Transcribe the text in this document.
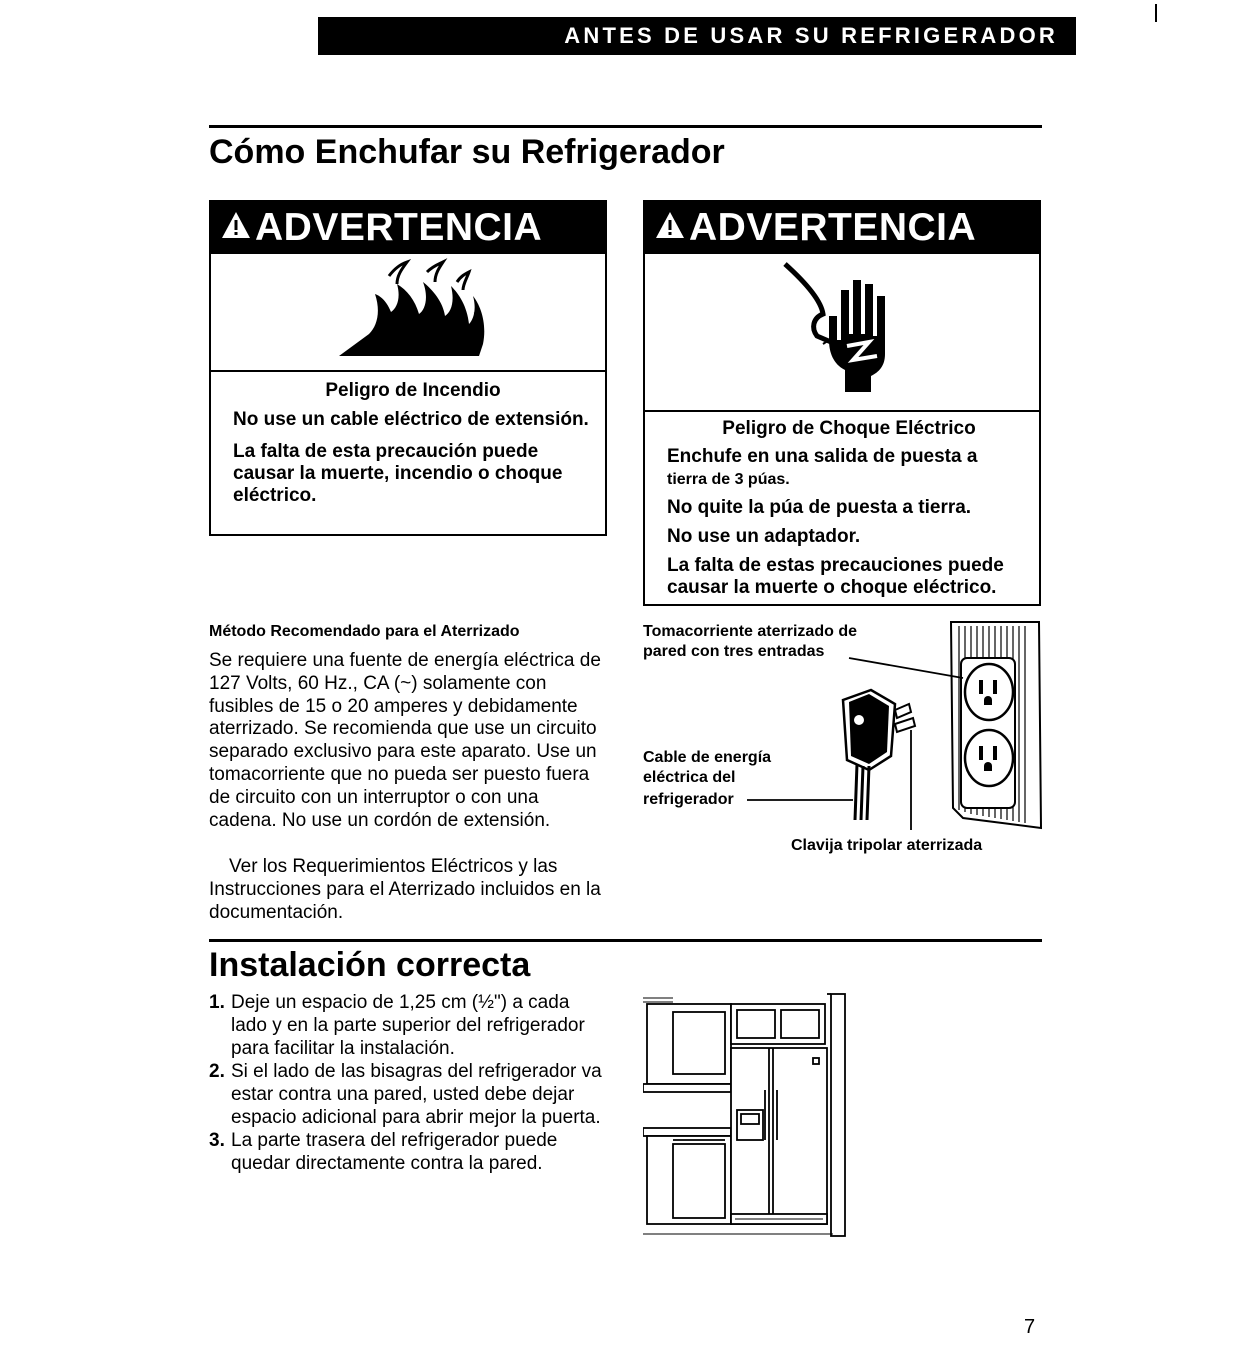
ANTES DE USAR SU REFRIGERADOR
Cómo Enchufar su Refrigerador
ADVERTENCIA

Peligro de Incendio

No use un cable eléctrico de extensión.

La falta de esta precaución puede causar la muerte, incendio o choque eléctrico.

ADVERTENCIA

Peligro de Choque Eléctrico

Enchufe en una salida de puesta a
tierra de 3 púas.

No quite la púa de puesta a tierra.

No use un adaptador.

La falta de estas precauciones puede causar la muerte o choque eléctrico.

Método Recomendado para el Aterrizado
Se requiere una fuente de energía eléctrica de 127 Volts, 60 Hz., CA (~) solamente con fusibles de 15 o 20 amperes y debidamente aterrizado. Se recomienda que use un circuito separado exclusivo para este aparato. Use un tomacorriente que no pueda ser puesto fuera de circuito con un interruptor o con una cadena. No use un cordón de extensión.
Ver los Requerimientos Eléctricos y las Instrucciones para el Aterrizado incluidos en la documentación.
Tomacorriente aterrizado de
pared con tres entradas
Cable de energía
eléctrica del
refrigerador
Clavija tripolar aterrizada
Instalación correcta
1. Deje un espacio de 1,25 cm (½") a cada lado y en la parte superior del refrigerador para facilitar la instalación.
2. Si el lado de las bisagras del refrigerador va estar contra una pared, usted debe dejar espacio adicional para abrir mejor la puerta.
3. La parte trasera del refrigerador puede quedar directamente contra la pared.
7
